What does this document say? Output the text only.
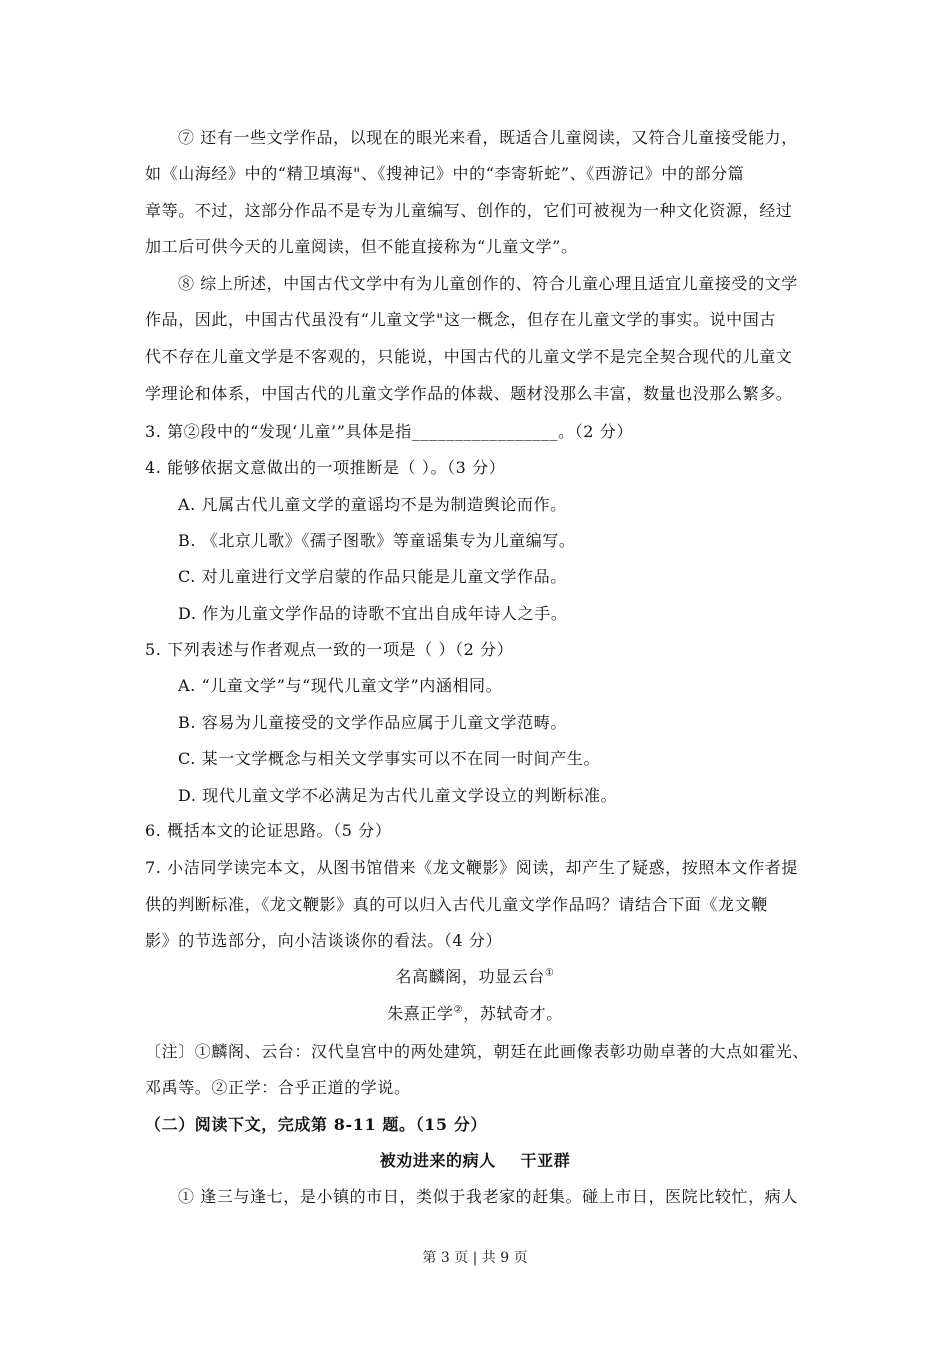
⑦ 还有一些文学作品，以现在的眼光来看，既适合儿童阅读，又符合儿童接受能力，
如《山海经》中的“精卫填海"、《搜神记》中的“李寄斩蛇”、《西游记》中的部分篇
章等。不过，这部分作品不是专为儿童编写、创作的，它们可被视为一种文化资源，经过
加工后可供今天的儿童阅读，但不能直接称为“儿童文学”。
⑧ 综上所述，中国古代文学中有为儿童创作的、符合儿童心理且适宜儿童接受的文学
作品，因此，中国古代虽没有“儿童文学"这一概念，但存在儿童文学的事实。说中国古
代不存在儿童文学是不客观的，只能说，中国古代的儿童文学不是完全契合现代的儿童文
学理论和体系，中国古代的儿童文学作品的体裁、题材没那么丰富，数量也没那么繁多。
3. 第②段中的“发现‘儿童’”具体是指_________________。（2 分）
4. 能够依据文意做出的一项推断是（ ）。（3 分）
A. 凡属古代儿童文学的童谣均不是为制造舆论而作。
B. 《北京儿歌》《孺子图歌》等童谣集专为儿童编写。
C. 对儿童进行文学启蒙的作品只能是儿童文学作品。
D. 作为儿童文学作品的诗歌不宜出自成年诗人之手。
5. 下列表述与作者观点一致的一项是（ ）（2 分）
A. “儿童文学”与“现代儿童文学”内涵相同。
B. 容易为儿童接受的文学作品应属于儿童文学范畴。
C. 某一文学概念与相关文学事实可以不在同一时间产生。
D. 现代儿童文学不必满足为古代儿童文学设立的判断标准。
6. 概括本文的论证思路。（5 分）
7. 小洁同学读完本文，从图书馆借来《龙文鞭影》阅读，却产生了疑惑，按照本文作者提
供的判断标准，《龙文鞭影》真的可以归入古代儿童文学作品吗？请结合下面《龙文鞭
影》的节选部分，向小洁谈谈你的看法。（4 分）
名高麟阁，功显云台①
朱熹正学②，苏轼奇才。
〔注〕①麟阁、云台：汉代皇宫中的两处建筑，朝廷在此画像表彰功勋卓著的大点如霍光、
邓禹等。②正学：合乎正道的学说。
（二）阅读下文，完成第 8-11 题。（15 分）
被劝进来的病人    干亚群
① 逢三与逢七，是小镇的市日，类似于我老家的赶集。碰上市日，医院比较忙，病人
第 3 页 | 共 9 页
